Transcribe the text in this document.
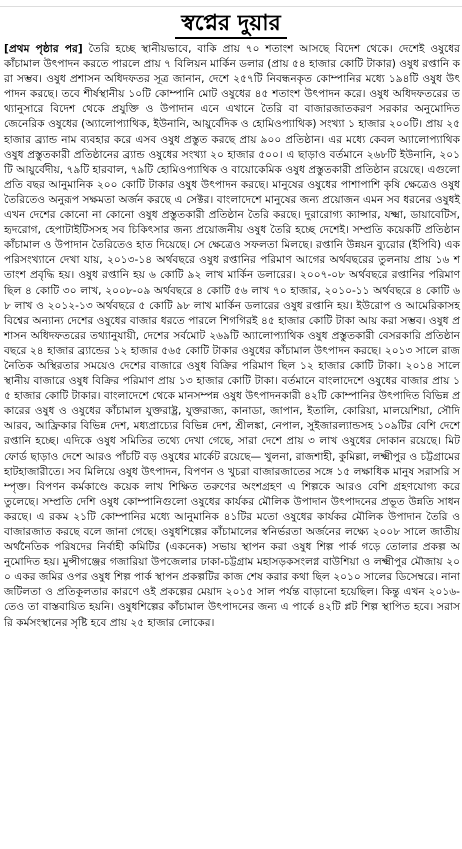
স্বপ্নের দুয়ার

[প্রথম পৃষ্ঠার পর] তৈরি হচ্ছে স্থানীয়ভাবে, বাকি প্রায় ৭০ শতাংশ আসছে বিদেশ থেকে। দেশেই ওষুধের কাঁচামাল উৎপাদন করতে পারলে প্রায় ৭ বিলিয়ন মার্কিন ডলার (প্রায় ৫৪ হাজার কোটি টাকার) ওষুধ রপ্তানি করা সম্ভব। ওষুধ প্রশাসন অধিদফতর সূত্র জানান, দেশে ২৫৭টি নিবন্ধনকৃত কোম্পানির মধ্যে ১৯৪টি ওষুধ উৎপাদন করছে। তবে শীর্ষস্থানীয় ১০টি কোম্পানি মোট ওষুধের ৪৫ শতাংশ উৎপাদন করে। ওষুধ অধিদফতরের তথ্যানুসারে বিদেশ থেকে প্রযুক্তি ও উপাদান এনে এখানে তৈরি বা বাজারজাতকরণ সরকার অনুমোদিত জেনেরিক ওষুধের (অ্যালোপ্যাথিক, ইউনানি, আয়ুর্বেদিক ও হোমিওপ্যাথিক) সংখ্যা ১ হাজার ২০০টি। প্রায় ২৫ হাজার ব্র্যান্ড নাম ব্যবহার করে এসব ওষুধ প্রস্তুত করছে প্রায় ৯০০ প্রতিষ্ঠান। এর মধ্যে কেবল অ্যালোপ্যাথিক ওষুধ প্রস্তুতকারী প্রতিষ্ঠানের ব্র্যান্ড ওষুধের সংখ্যা ২০ হাজার ৫০০। এ ছাড়াও বর্তমানে ২৬৮টি ইউনানি, ২০১টি আয়ুর্বেদীয়, ৭৯টি হারবাল, ৭৯টি হোমিওপ্যাথিক ও বায়োকেমিক ওষুধ প্রস্তুতকারী প্রতিষ্ঠান রয়েছে। এগুলো প্রতি বছর আনুমানিক ২০০ কোটি টাকার ওষুধ উৎপাদন করছে। মানুষের ওষুধের পাশাপাশি কৃষি ক্ষেত্রেও ওষুধ তৈরিতেও অনুরূপ সক্ষমতা অর্জন করছে এ সেক্টর। বাংলাদেশে মানুষের জন্য প্রয়োজন এমন সব ধরনের ওষুধই এখন দেশের কোনো না কোনো ওষুধ প্রস্তুতকারী প্রতিষ্ঠান তৈরি করছে। দুরারোগ্য ক্যান্সার, যক্ষ্মা, ডায়াবেটিস, হৃদরোগ, হেপাটাইটিসসহ সব চিকিৎসার জন্য প্রয়োজনীয় ওষুধ তৈরি হচ্ছে দেশেই। সম্প্রতি কয়েকটি প্রতিষ্ঠান কাঁচামাল ও উপাদান তৈরিতেও হাত দিয়েছে। সে ক্ষেত্রেও সফলতা মিলছে। রপ্তানি উন্নয়ন ব্যুরোর (ইপিবি) এক পরিসংখ্যানে দেখা যায়, ২০১৩-১৪ অর্থবছরে ওষুধ রপ্তানির পরিমাণ আগের অর্থবছরের তুলনায় প্রায় ১৬ শতাংশ প্রবৃদ্ধি হয়। ওষুধ রপ্তানি হয় ৬ কোটি ৯২ লাখ মার্কিন ডলারের। ২০০৭-০৮ অর্থবছরে রপ্তানির পরিমাণ ছিল ৪ কোটি ৩০ লাখ, ২০০৮-০৯ অর্থবছরে ৪ কোটি ৫৬ লাখ ৭০ হাজার, ২০১০-১১ অর্থবছরে ৪ কোটি ৬৮ লাখ ও ২০১২-১৩ অর্থবছরে ৫ কোটি ৯৮ লাখ মার্কিন ডলারের ওষুধ রপ্তানি হয়। ইউরোপ ও আমেরিকাসহ বিশ্বের অন্যান্য দেশের ওষুধের বাজার ধরতে পারলে শিগগিরই ৪৫ হাজার কোটি টাকা আয় করা সম্ভব। ওষুধ প্রশাসন অধিদফতরের তথ্যানুযায়ী, দেশের সর্বমোট ২৬৯টি অ্যালোপ্যাথিক ওষুধ প্রস্তুতকারী বেসরকারি প্রতিষ্ঠান বছরে ২৪ হাজার ব্র্যান্ডের ১২ হাজার ৫৬৫ কোটি টাকার ওষুধের কাঁচামাল উৎপাদন করছে। ২০১৩ সালে রাজনৈতিক অস্থিরতার সময়েও দেশের বাজারে ওষুধ বিক্রির পরিমাণ ছিল ১২ হাজার কোটি টাকা। ২০১৪ সালে স্থানীয় বাজারে ওষুধ বিক্রির পরিমাণ প্রায় ১৩ হাজার কোটি টাকা। বর্তমানে বাংলাদেশে ওষুধের বাজার প্রায় ১৫ হাজার কোটি টাকার। বাংলাদেশে থেকে মানসম্পন্ন ওষুধ উৎপাদনকারী ৪২টি কোম্পানির উৎপাদিত বিভিন্ন প্রকারের ওষুধ ও ওষুধের কাঁচামাল যুক্তরাষ্ট্র, যুক্তরাজ্য, কানাডা, জাপান, ইতালি, কোরিয়া, মালয়েশিয়া, সৌদি আরব, আফ্রিকার বিভিন্ন দেশ, মধ্যপ্রাচ্যের বিভিন্ন দেশ, শ্রীলঙ্কা, নেপাল, সুইজারল্যান্ডসহ ১০৯টির বেশি দেশে রপ্তানি হচ্ছে। এদিকে ওষুধ সমিতির তথ্যে দেখা গেছে, সারা দেশে প্রায় ৩ লাখ ওষুধের দোকান রয়েছে। মিটফোর্ড ছাড়াও দেশে আরও পাঁচটি বড় ওষুধের মার্কেট রয়েছে— খুলনা, রাজশাহী, কুমিল্লা, লক্ষ্মীপুর ও চট্টগ্রামের হাটহাজারীতে। সব মিলিয়ে ওষুধ উৎপাদন, বিপণন ও খুচরা বাজারজাতের সঙ্গে ১৫ লক্ষাধিক মানুষ সরাসরি সম্পৃক্ত। বিপণন কর্মকাণ্ডে কয়েক লাখ শিক্ষিত তরুণের অংশগ্রহণ এ শিল্পকে আরও বেশি গ্রহণযোগ্য করে তুলেছে। সম্প্রতি দেশি ওষুধ কোম্পানিগুলো ওষুধের কার্যকর মৌলিক উপাদান উৎপাদনের প্রভূত উন্নতি সাধন করছে। এ রকম ২১টি কোম্পানির মধ্যে আনুমানিক ৪১টির মতো ওষুধের কার্যকর মৌলিক উপাদান তৈরি ও বাজারজাত করছে বলে জানা গেছে। ওষুধশিল্পের কাঁচামালের স্বনির্ভরতা অর্জনের লক্ষ্যে ২০০৮ সালে জাতীয় অর্থনৈতিক পরিষদের নির্বাহী কমিটির (একনেক) সভায় স্থাপন করা ওষুধ শিল্প পার্ক গড়ে তোলার প্রকল্প অনুমোদিত হয়। মুন্সীগঞ্জের গজারিয়া উপজেলার ঢাকা-চট্টগ্রাম মহাসড়কসংলগ্ন বাউশিয়া ও লক্ষ্মীপুর মৌজায় ২০০ একর জমির ওপর ওষুধ শিল্প পার্ক স্থাপন প্রকল্পটির কাজ শেষ করার কথা ছিল ২০১০ সালের ডিসেম্বরে। নানা জটিলতা ও প্রতিকূলতার কারণে ওই প্রকল্পের মেয়াদ ২০১৫ সাল পর্যন্ত বাড়ানো হয়েছিল। কিন্তু এখন ২০১৬-তেও তা বাস্তবায়িত হয়নি। ওষুধশিল্পের কাঁচামাল উৎপাদনের জন্য এ পার্কে ৪২টি প্লট শিল্প স্থাপিত হবে। সরাসরি কর্মসংস্থানের সৃষ্টি হবে প্রায় ২৫ হাজার লোকের।
